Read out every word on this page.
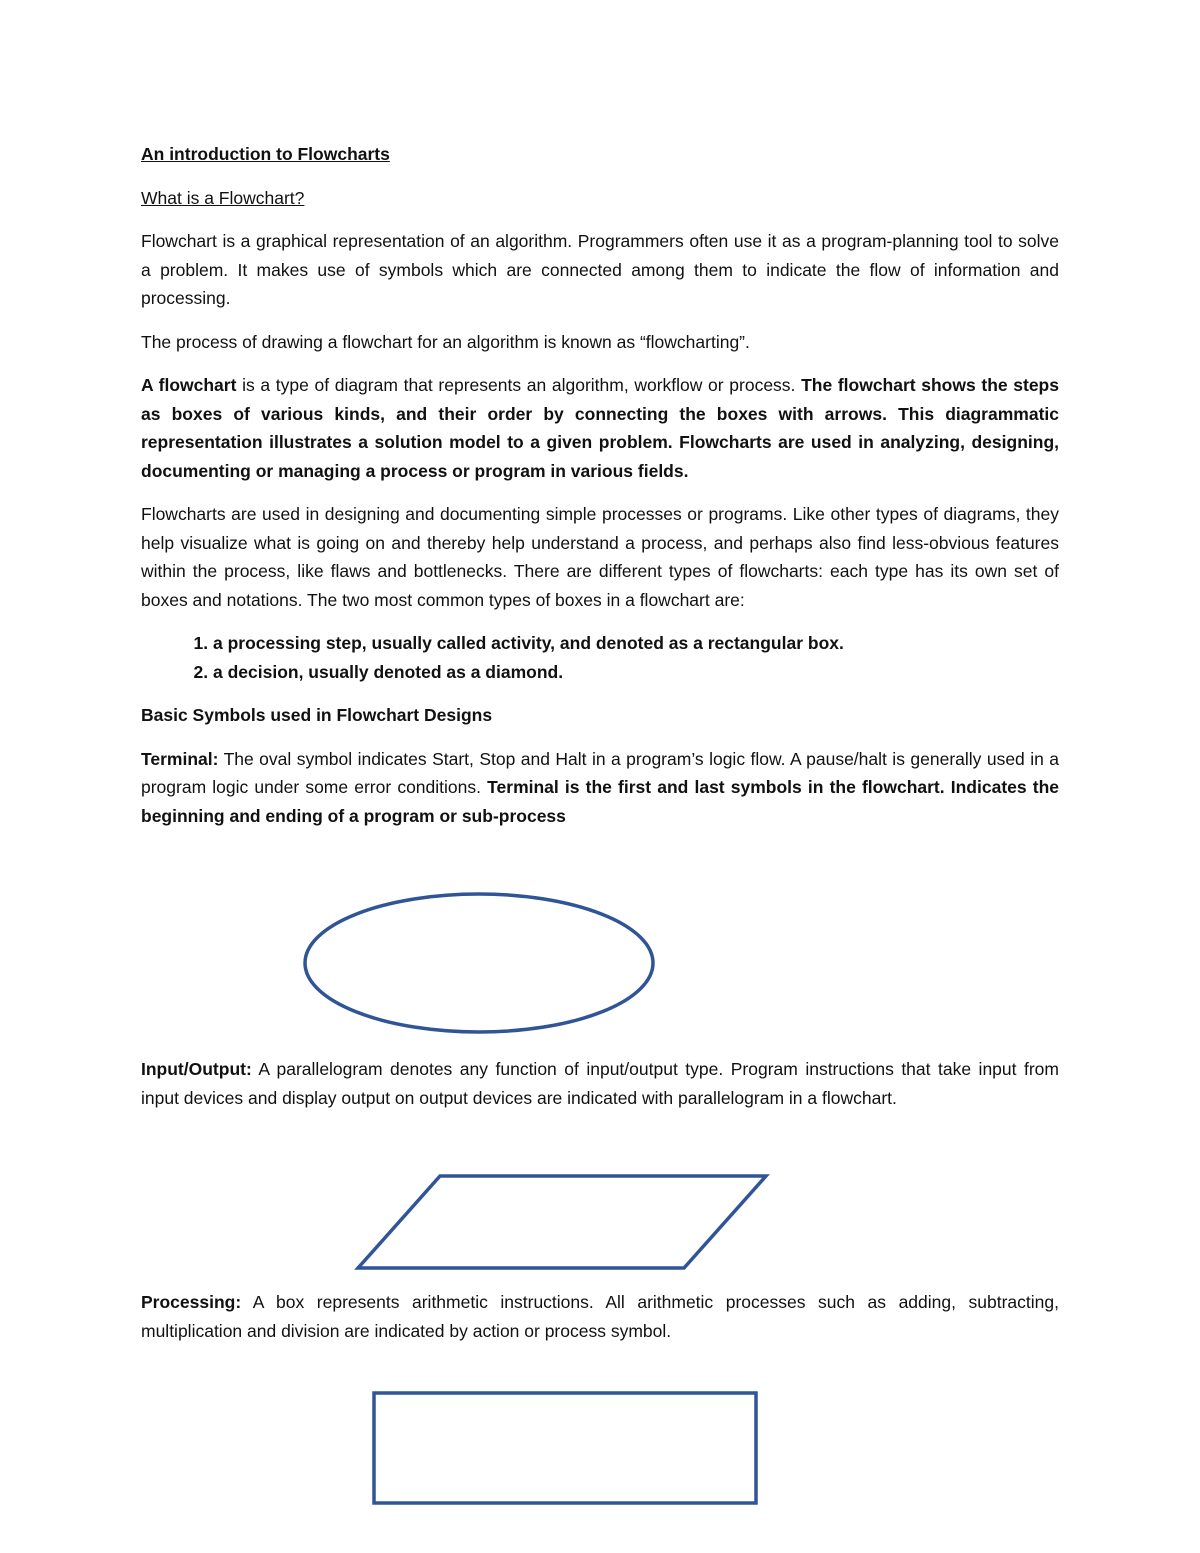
An introduction to Flowcharts
What is a Flowchart?

Flowchart is a graphical representation of an algorithm. Programmers often use it as a program-planning tool to solve a problem. It makes use of symbols which are connected among them to indicate the flow of information and processing.

The process of drawing a flowchart for an algorithm is known as “flowcharting”.

A flowchart is a type of diagram that represents an algorithm, workflow or process. The flowchart shows the steps as boxes of various kinds, and their order by connecting the boxes with arrows. This diagrammatic representation illustrates a solution model to a given problem. Flowcharts are used in analyzing, designing, documenting or managing a process or program in various fields.

Flowcharts are used in designing and documenting simple processes or programs. Like other types of diagrams, they help visualize what is going on and thereby help understand a process, and perhaps also find less-obvious features within the process, like flaws and bottlenecks. There are different types of flowcharts: each type has its own set of boxes and notations. The two most common types of boxes in a flowchart are:

1. a processing step, usually called activity, and denoted as a rectangular box.
2. a decision, usually denoted as a diamond.
Basic Symbols used in Flowchart Designs

Terminal: The oval symbol indicates Start, Stop and Halt in a program’s logic flow. A pause/halt is generally used in a program logic under some error conditions. Terminal is the first and last symbols in the flowchart. Indicates the beginning and ending of a program or sub-process

Input/Output: A parallelogram denotes any function of input/output type. Program instructions that take input from input devices and display output on output devices are indicated with parallelogram in a flowchart.

Processing: A box represents arithmetic instructions. All arithmetic processes such as adding, subtracting, multiplication and division are indicated by action or process symbol.
